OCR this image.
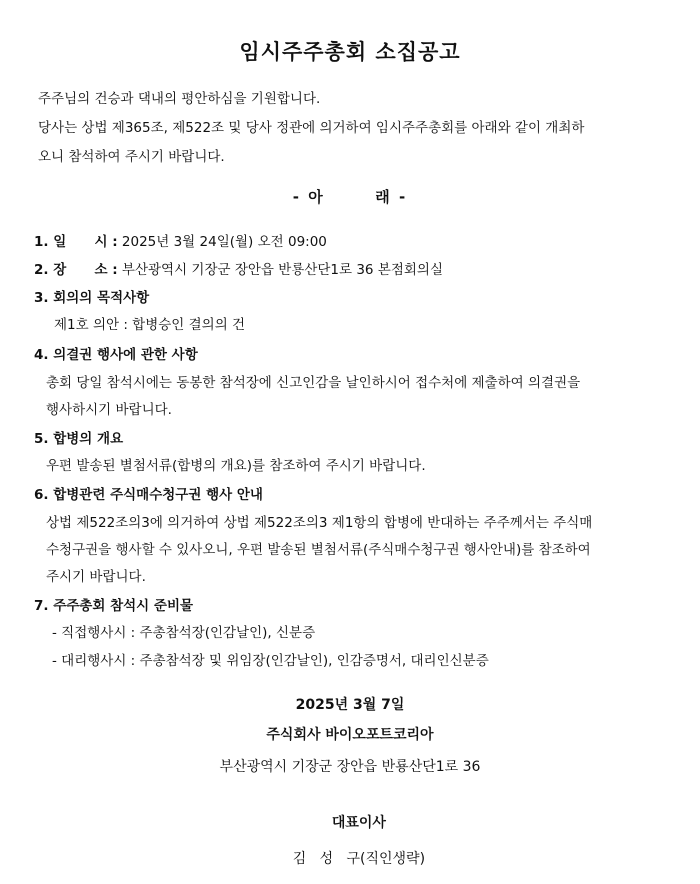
임시주주총회 소집공고
주주님의 건승과 댁내의 평안하심을 기원합니다.
당사는 상법 제365조, 제522조 및 당사 정관에 의거하여 임시주주총회를 아래와 같이 개최하
오니 참석하여 주시기 바랍니다.
- 아       래 -
1. 일      시 : 2025년 3월 24일(월) 오전 09:00
2. 장      소 : 부산광역시 기장군 장안읍 반룡산단1로 36 본점회의실
3. 회의의 목적사항
제1호 의안 : 합병승인 결의의 건
4. 의결권 행사에 관한 사항
총회 당일 참석시에는 동봉한 참석장에 신고인감을 날인하시어 접수처에 제출하여 의결권을
행사하시기 바랍니다.
5. 합병의 개요
우편 발송된 별첨서류(합병의 개요)를 참조하여 주시기 바랍니다.
6. 합병관련 주식매수청구권 행사 안내
상법 제522조의3에 의거하여 상법 제522조의3 제1항의 합병에 반대하는 주주께서는 주식매
수청구권을 행사할 수 있사오니, 우편 발송된 별첨서류(주식매수청구권 행사안내)를 참조하여
주시기 바랍니다.
7. 주주총회 참석시 준비물
- 직접행사시 : 주총참석장(인감날인), 신분증
- 대리행사시 : 주총참석장 및 위임장(인감날인), 인감증명서, 대리인신분증
2025년 3월 7일
주식회사 바이오포트코리아
부산광역시 기장군 장안읍 반룡산단1로 36

대표이사

김   성   구(직인생략)
